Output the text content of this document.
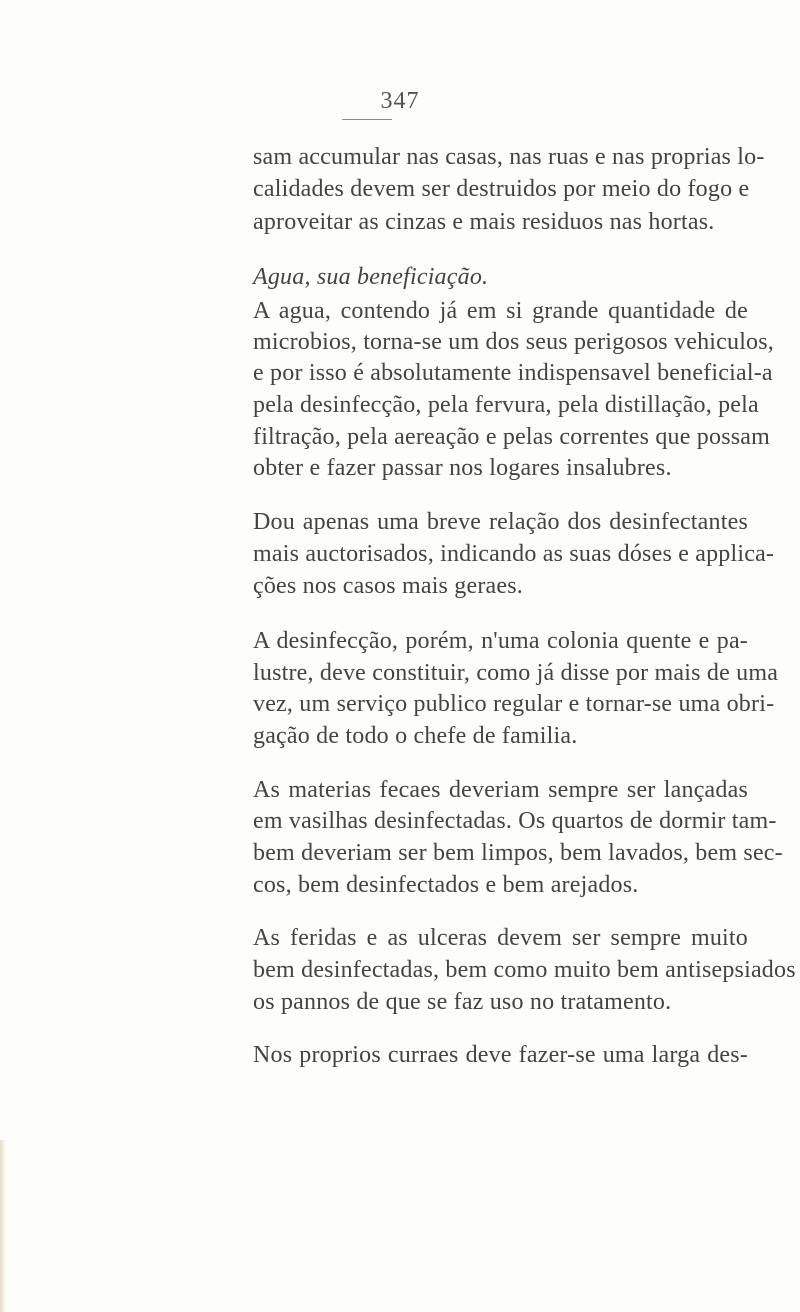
347
sam accumular nas casas, nas ruas e nas proprias lo-
calidades devem ser destruidos por meio do fogo e
aproveitar as cinzas e mais residuos nas hortas.
Agua, sua beneficiação.
A agua, contendo já em si grande quantidade de
microbios, torna-se um dos seus perigosos vehiculos,
e por isso é absolutamente indispensavel beneficial-a
pela desinfecção, pela fervura, pela distillação, pela
filtração, pela aereação e pelas correntes que possam
obter e fazer passar nos logares insalubres.
Dou apenas uma breve relação dos desinfectantes
mais auctorisados, indicando as suas dóses e applica-
ções nos casos mais geraes.
A desinfecção, porém, n'uma colonia quente e pa-
lustre, deve constituir, como já disse por mais de uma
vez, um serviço publico regular e tornar-se uma obri-
gação de todo o chefe de familia.
As materias fecaes deveriam sempre ser lançadas
em vasilhas desinfectadas. Os quartos de dormir tam-
bem deveriam ser bem limpos, bem lavados, bem sec-
cos, bem desinfectados e bem arejados.
As feridas e as ulceras devem ser sempre muito
bem desinfectadas, bem como muito bem antisepsiados
os pannos de que se faz uso no tratamento.
Nos proprios curraes deve fazer-se uma larga des-
